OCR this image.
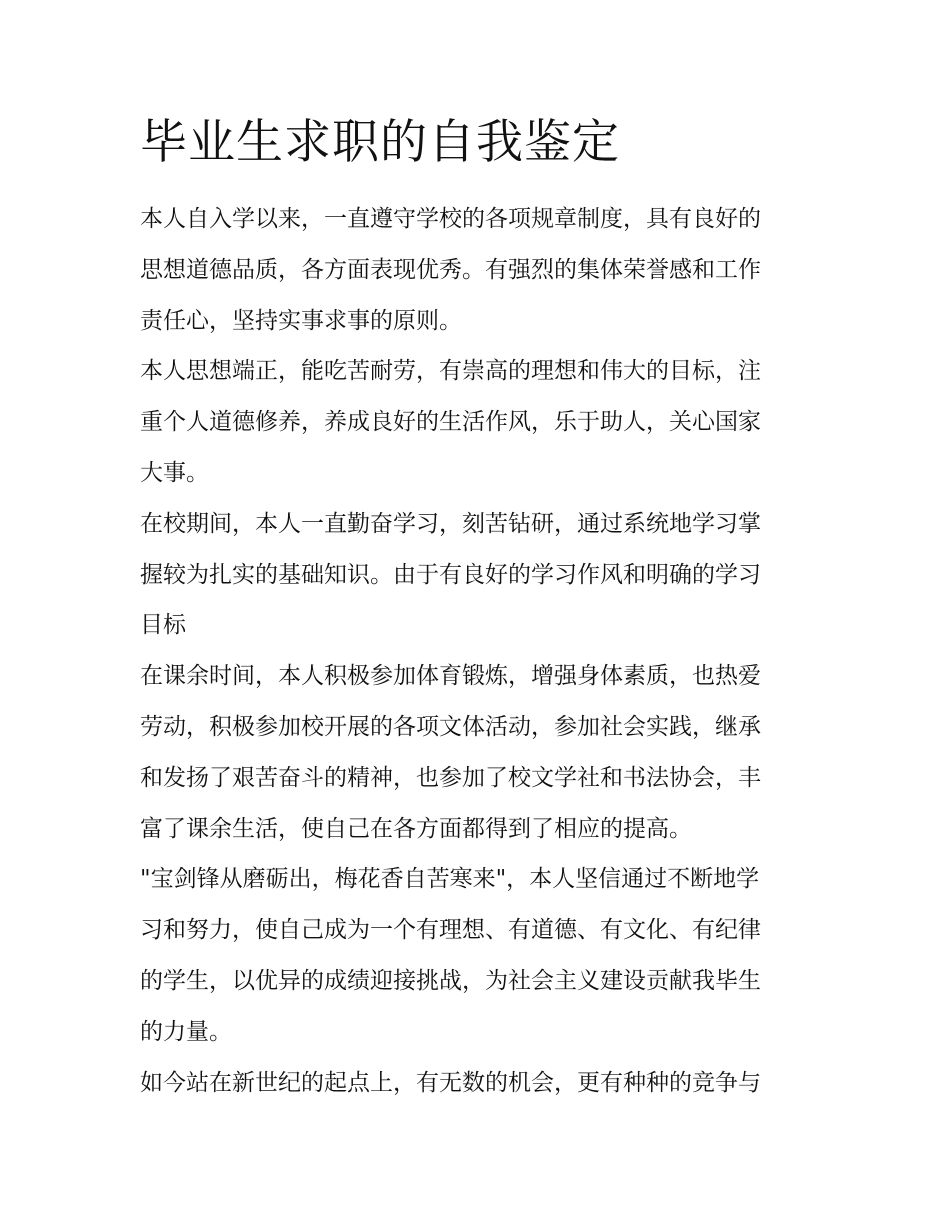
毕业生求职的自我鉴定

本人自入学以来，一直遵守学校的各项规章制度，具有良好的
思想道德品质，各方面表现优秀。有强烈的集体荣誉感和工作
责任心，坚持实事求事的原则。

本人思想端正，能吃苦耐劳，有崇高的理想和伟大的目标，注
重个人道德修养，养成良好的生活作风，乐于助人，关心国家
大事。

在校期间，本人一直勤奋学习，刻苦钻研，通过系统地学习掌
握较为扎实的基础知识。由于有良好的学习作风和明确的学习
目标

在课余时间，本人积极参加体育锻炼，增强身体素质，也热爱
劳动，积极参加校开展的各项文体活动，参加社会实践，继承
和发扬了艰苦奋斗的精神，也参加了校文学社和书法协会，丰
富了课余生活，使自己在各方面都得到了相应的提高。

"宝剑锋从磨砺出，梅花香自苦寒来"，本人坚信通过不断地学
习和努力，使自己成为一个有理想、有道德、有文化、有纪律
的学生，以优异的成绩迎接挑战，为社会主义建设贡献我毕生
的力量。

如今站在新世纪的起点上，有无数的机会，更有种种的竞争与
